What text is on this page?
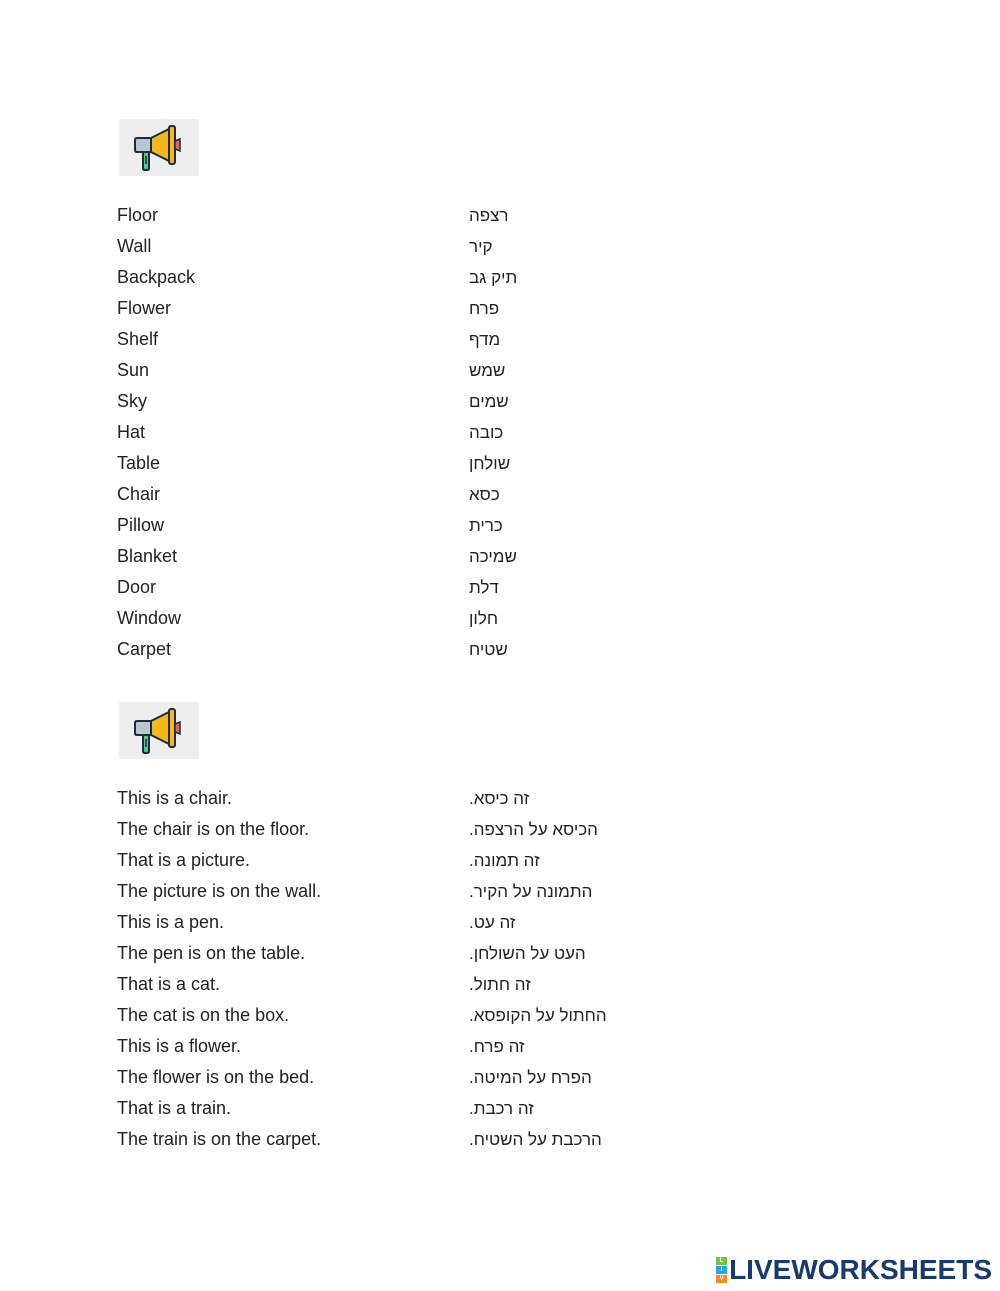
Floor	רצפה
Wall	קיר
Backpack	תיק גב
Flower	פרח
Shelf	מדף
Sun	שמש
Sky	שמים
Hat	כובה
Table	שולחן
Chair	כסא
Pillow	כרית
Blanket	שמיכה
Door	דלת
Window	חלון
Carpet	שטיח
This is a chair.	זה כיסא.
The chair is on the floor.	הכיסא על הרצפה.
That is a picture.	זה תמונה.
The picture is on the wall.	התמונה על הקיר.
This is a pen.	זה עט.
The pen is on the table.	העט על השולחן.
That is a cat.	זה חתול.
The cat is on the box.	החתול על הקופסא.
This is a flower.	זה פרח.
The flower is on the bed.	הפרח על המיטה.
That is a train.	זה רכבת.
The train is on the carpet.	הרכבת על השטיח.
L
I
V LIVEWORKSHEETS
